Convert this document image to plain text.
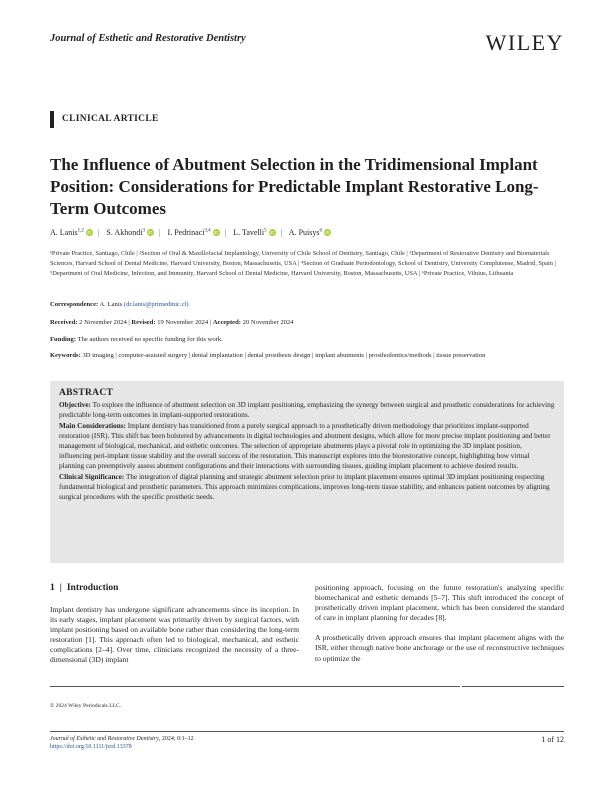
Journal of Esthetic and Restorative Dentistry	WILEY
CLINICAL ARTICLE
The Influence of Abutment Selection in the Tridimensional Implant Position: Considerations for Predictable Implant Restorative Long-Term Outcomes
A. Lanis$^{1,2}$ iD | S. Akhondi$^3$ iD | I. Pedrinaci$^{3,4}$ iD | L. Tavelli$^5$ iD | A. Puisys$^6$ iD
¹Private Practice, Santiago, Chile | ²Section of Oral & Maxillofacial Implantology, University of Chile School of Dentistry, Santiago, Chile | ³Department of Restorative Dentistry and Biomaterials Sciences, Harvard School of Dental Medicine, Harvard University, Boston, Massachusetts, USA | ⁴Section of Graduate Periodontology, School of Dentistry, University Complutense, Madrid, Spain | ⁵Department of Oral Medicine, Infection, and Immunity, Harvard School of Dental Medicine, Harvard University, Boston, Massachusetts, USA | ⁶Private Practice, Vilnius, Lithuania
Correspondence: A. Lanis (dr.lanis@primedinic.cl)
Received: 2 November 2024 | Revised: 19 November 2024 | Accepted: 20 November 2024
Funding: The authors received no specific funding for this work.
Keywords: 3D imaging | computer-assisted surgery | dental implantation | dental prosthesis design | implant abutments | prosthodontics/methods | tissue preservation
ABSTRACT

Objective: To explore the influence of abutment selection on 3D implant positioning, emphasizing the synergy between surgical and prosthetic considerations for achieving predictable long-term outcomes in implant-supported restorations.

Main Considerations: Implant dentistry has transitioned from a purely surgical approach to a prosthetically driven methodology that prioritizes implant-supported restoration (ISR). This shift has been bolstered by advancements in digital technologies and abutment designs, which allow for more precise implant positioning and better management of biological, mechanical, and esthetic outcomes. The selection of appropriate abutments plays a pivotal role in optimizing the 3D implant position, influencing peri-implant tissue stability and the overall success of the restoration. This manuscript explores into the biorestorative concept, highlighting how virtual planning can preemptively assess abutment configurations and their interactions with surrounding tissues, guiding implant placement to achieve desired results.

Clinical Significance: The integration of digital planning and strategic abutment selection prior to implant placement ensures optimal 3D implant positioning respecting fundamental biological and prosthetic parameters. This approach minimizes complications, improves long-term tissue stability, and enhances patient outcomes by aligning surgical procedures with the specific prosthetic needs.

1 | Introduction

Implant dentistry has undergone significant advancements since its inception. In its early stages, implant placement was primarily driven by surgical factors, with implant positioning based on available bone rather than considering the long-term restoration [1]. This approach often led to biological, mechanical, and esthetic complications [2–4]. Over time, clinicians recognized the necessity of a three-dimensional (3D) implant

positioning approach, focusing on the future restoration's analyzing specific biomechanical and esthetic demands [5–7]. This shift introduced the concept of prosthetically driven implant placement, which has been considered the standard of care in implant planning for decades [8].

A prosthetically driven approach ensures that implant placement aligns with the ISR, either through native bone anchorage or the use of reconstructive techniques to optimize the

© 2024 Wiley Periodicals LLC.
Journal of Esthetic and Restorative Dentistry, 2024; 0:1–12
https://doi.org/10.1111/jerd.13378
1 of 12
